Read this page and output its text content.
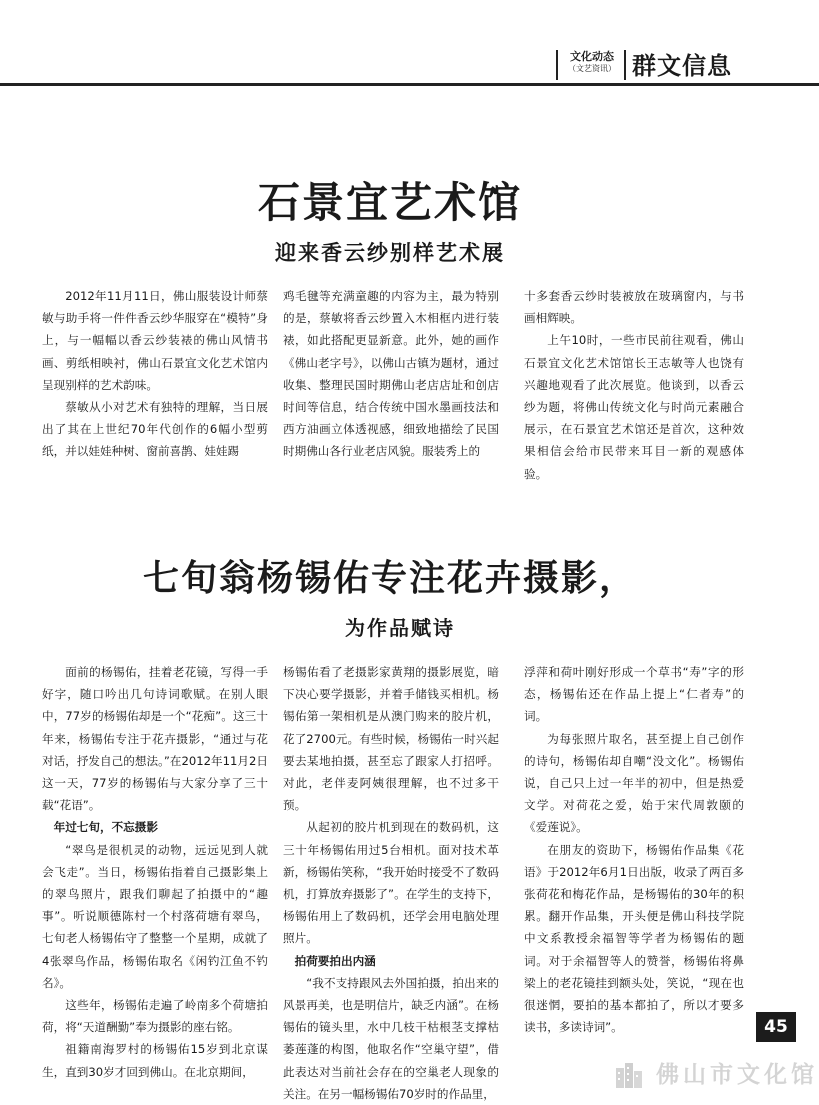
文化动态
（文艺资讯） 群文信息
石景宜艺术馆
迎来香云纱别样艺术展

2012年11月11日，佛山服装设计师蔡敏与助手将一件件香云纱华服穿在“模特”身上，与一幅幅以香云纱装裱的佛山风情书画、剪纸相映衬，佛山石景宜文化艺术馆内呈现别样的艺术韵味。

蔡敏从小对艺术有独特的理解，当日展出了其在上世纪70年代创作的6幅小型剪纸，并以娃娃种树、窗前喜鹊、娃娃踢

鸡毛毽等充满童趣的内容为主，最为特别的是，蔡敏将香云纱置入木相框内进行装裱，如此搭配更显新意。此外，她的画作《佛山老字号》，以佛山古镇为题材，通过收集、整理民国时期佛山老店店址和创店时间等信息，结合传统中国水墨画技法和西方油画立体透视感，细致地描绘了民国时期佛山各行业老店风貌。服装秀上的

十多套香云纱时装被放在玻璃窗内，与书画相辉映。

上午10时，一些市民前往观看，佛山石景宜文化艺术馆馆长王志敏等人也饶有兴趣地观看了此次展览。他谈到，以香云纱为题，将佛山传统文化与时尚元素融合展示，在石景宜艺术馆还是首次，这种效果相信会给市民带来耳目一新的观感体验。

七旬翁杨锡佑专注花卉摄影，
为作品赋诗

面前的杨锡佑，挂着老花镜，写得一手好字，随口吟出几句诗词歌赋。在别人眼中，77岁的杨锡佑却是一个“花痴”。这三十年来，杨锡佑专注于花卉摄影，“通过与花对话，抒发自己的想法。”在2012年11月2日这一天，77岁的杨锡佑与大家分享了三十载“花语”。

年过七旬，不忘摄影

“翠鸟是很机灵的动物，远远见到人就会飞走”。当日，杨锡佑指着自己摄影集上的翠鸟照片，跟我们聊起了拍摄中的“趣事”。听说顺德陈村一个村落荷塘有翠鸟，七旬老人杨锡佑守了整整一个星期，成就了4张翠鸟作品，杨锡佑取名《闲钓江鱼不钓名》。

这些年，杨锡佑走遍了岭南多个荷塘拍荷，将“天道酬勤”奉为摄影的座右铭。

祖籍南海罗村的杨锡佑15岁到北京谋生，直到30岁才回到佛山。在北京期间，

杨锡佑看了老摄影家黄翔的摄影展览，暗下决心要学摄影，并着手储钱买相机。杨锡佑第一架相机是从澳门购来的胶片机，花了2700元。有些时候，杨锡佑一时兴起要去某地拍摄，甚至忘了跟家人打招呼。对此，老伴麦阿姨很理解，也不过多干预。

从起初的胶片机到现在的数码机，这三十年杨锡佑用过5台相机。面对技术革新，杨锡佑笑称，“我开始时接受不了数码机，打算放弃摄影了”。在学生的支持下，杨锡佑用上了数码机，还学会用电脑处理照片。

拍荷要拍出内涵

“我不支持跟风去外国拍摄，拍出来的风景再美，也是明信片，缺乏内涵”。在杨锡佑的镜头里，水中几枝干枯根茎支撑枯萎莲蓬的构图，他取名作“空巢守望”，借此表达对当前社会存在的空巢老人现象的关注。在另一幅杨锡佑70岁时的作品里，

浮萍和荷叶刚好形成一个草书“寿”字的形态，杨锡佑还在作品上提上“仁者寿”的词。

为每张照片取名，甚至提上自己创作的诗句，杨锡佑却自嘲“没文化”。杨锡佑说，自己只上过一年半的初中，但是热爱文学。对荷花之爱，始于宋代周敦颐的《爱莲说》。

在朋友的资助下，杨锡佑作品集《花语》于2012年6月1日出版，收录了两百多张荷花和梅花作品，是杨锡佑的30年的积累。翻开作品集，开头便是佛山科技学院中文系教授余福智等学者为杨锡佑的题词。对于余福智等人的赞誉，杨锡佑将鼻梁上的老花镜挂到额头处，笑说，“现在也很迷惘，要拍的基本都拍了，所以才要多读书，多读诗词”。	45
佛山市文化馆
